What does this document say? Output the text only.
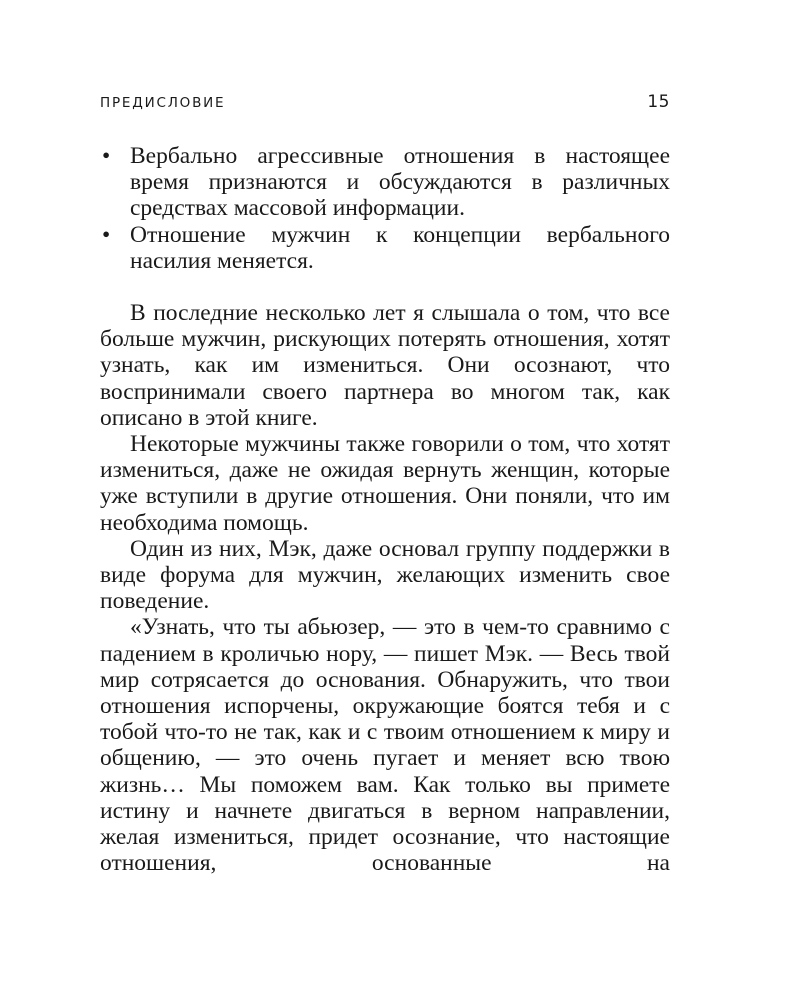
ПРЕДИСЛОВИЕ	15
• Вербально агрессивные отношения в настоящее время признаются и обсуждаются в различных средствах массовой информации.
• Отношение мужчин к концепции вербального насилия меняется.

В последние несколько лет я слышала о том, что все больше мужчин, рискующих потерять отношения, хотят узнать, как им измениться. Они осознают, что воспринимали своего партнера во многом так, как описано в этой книге.

Некоторые мужчины также говорили о том, что хотят измениться, даже не ожидая вернуть женщин, которые уже вступили в другие отношения. Они поняли, что им необходима помощь.

Один из них, Мэк, даже основал группу поддержки в виде форума для мужчин, желающих изменить свое поведение.

«Узнать, что ты абьюзер, — это в чем-то сравнимо с падением в кроличью нору, — пишет Мэк. — Весь твой мир сотрясается до основания. Обнаружить, что твои отношения испорчены, окружающие боятся тебя и с тобой что-то не так, как и с твоим отношением к миру и общению, — это очень пугает и меняет всю твою жизнь… Мы поможем вам. Как только вы примете истину и начнете двигаться в верном направлении, желая измениться, придет осознание, что настоящие отношения, основанные на
